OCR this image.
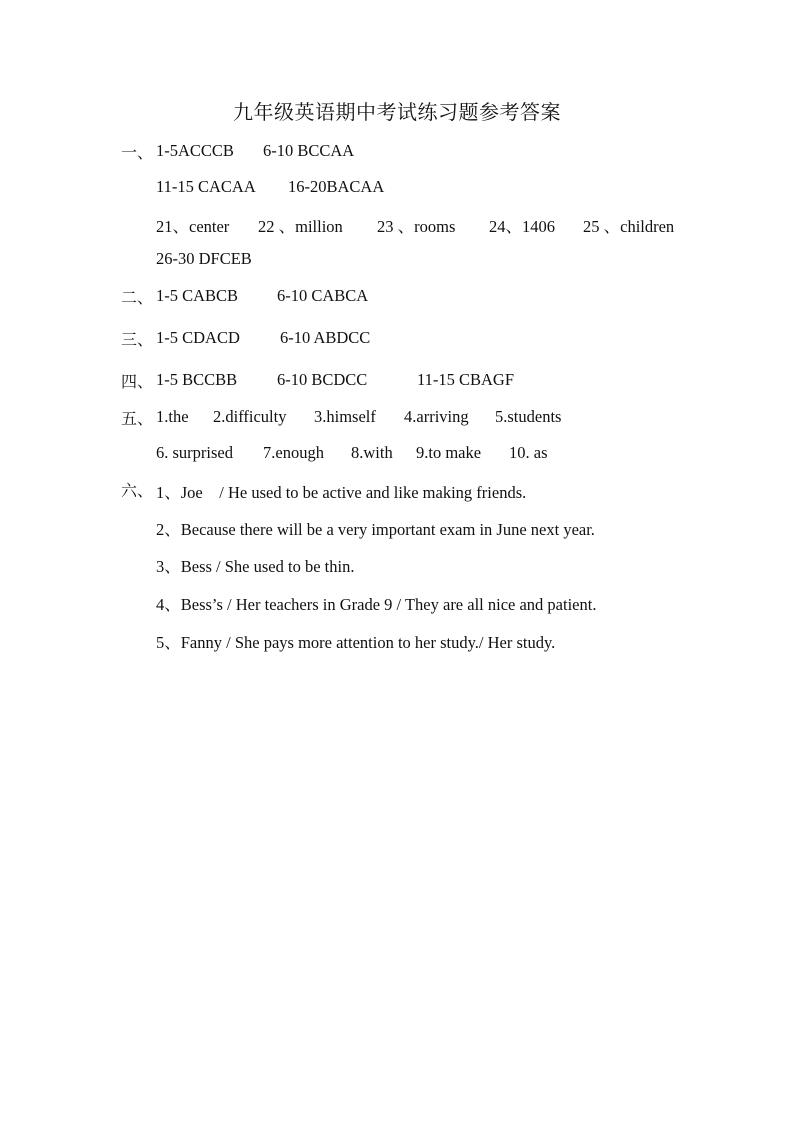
九年级英语期中考试练习题参考答案
一、 1-5ACCCB 6-10 BCCAA
11-15 CACAA 16-20BACAA
21、center 22 、million 23 、rooms 24、1406 25 、children
26-30 DFCEB
二、 1-5 CABCB 6-10 CABCA
三、 1-5 CDACD 6-10 ABDCC
四、 1-5 BCCBB 6-10 BCDCC	11-15 CBAGF
五、 1.the 2.difficulty 3.himself 4.arriving 5.students
6. surprised 7.enough 8.with 9.to make 10. as
六、 1、Joe    / He used to be active and like making friends.
2、Because there will be a very important exam in June next year.
3、Bess / She used to be thin.
4、Bess’s / Her teachers in Grade 9 / They are all nice and patient.
5、Fanny / She pays more attention to her study./ Her study.
